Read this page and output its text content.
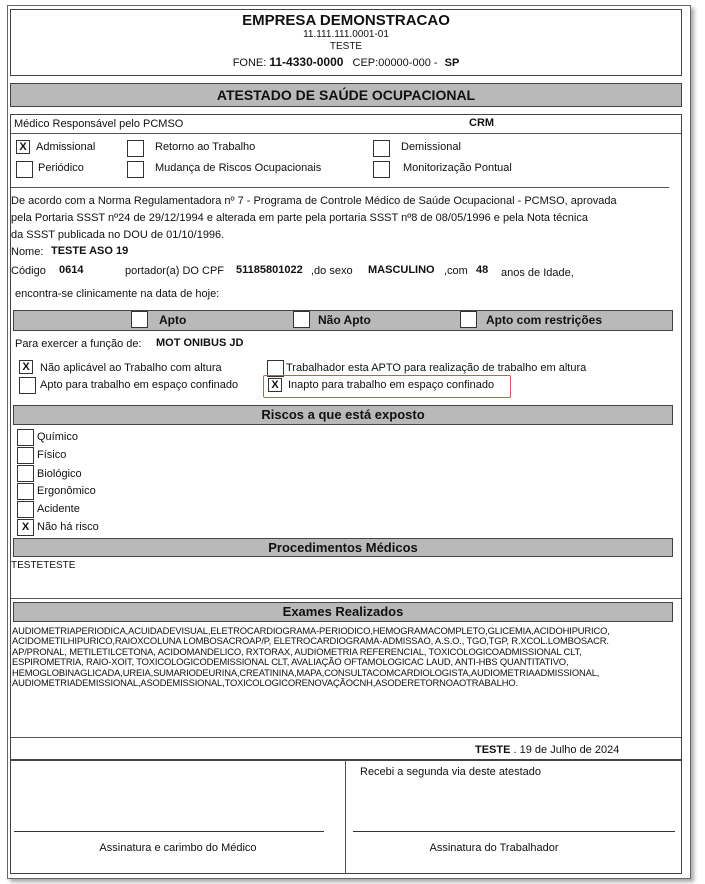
EMPRESA DEMONSTRACAO
11.111.111.0001-01
TESTE
FONE: 11-4330-0000 CEP:00000-000 - SP
ATESTADO DE SAÚDE OCUPACIONAL
Médico Responsável pelo PCMSO	CRM
X Admissional	Retorno ao Trabalho	Demissional
Periódico	Mudança de Riscos Ocupacionais	Monitorização Pontual
De acordo com a Norma Regulamentadora nº 7 - Programa de Controle Médico de Saúde Ocupacional - PCMSO, aprovada
pela Portaria SSST nº24 de 29/12/1994 e alterada em parte pela portaria SSST nº8 de 08/05/1996 e pela Nota técnica
da SSST publicada no DOU de 01/10/1996.
Nome: TESTE ASO 19
Código 0614	portador(a) DO CPF 51185801022 ,do sexo MASCULINO ,com 48 anos de Idade,
encontra-se clinicamente na data de hoje:
Apto	Não Apto	Apto com restrições
Para exercer a função de: MOT ONIBUS JD
X Não aplicável ao Trabalho com altura	Trabalhador esta APTO para realização de trabalho em altura
Apto para trabalho em espaço confinado	X Inapto para trabalho em espaço confinado
Riscos a que está exposto
Químico
Físico
Biológico
Ergonômico
Acidente
X Não há risco
Procedimentos Médicos
TESTETESTE
Exames Realizados
AUDIOMETRIAPERIODICA,ACUIDADEVISUAL,ELETROCARDIOGRAMA-PERIODICO,HEMOGRAMACOMPLETO,GLICEMIA,ACIDOHIPURICO,
ACIDOMETILHIPURICO,RAIOXCOLUNA LOMBOSACROAP/P, ELETROCARDIOGRAMA-ADMISSAO, A.S.O., TGO,TGP, R.XCOL.LOMBOSACR.
AP/PRONAL, METILETILCETONA, ACIDOMANDELICO, RXTORAX, AUDIOMETRIA REFERENCIAL, TOXICOLOGICOADMISSIONAL CLT,
ESPIROMETRIA, RAIO-XOIT, TOXICOLOGICODEMISSIONAL CLT, AVALIAÇÃO OFTAMOLOGICAC LAUD, ANTI-HBS QUANTITATIVO,
HEMOGLOBINAGLICADA,UREIA,SUMARIODEURINA,CREATININA,MAPA,CONSULTACOMCARDIOLOGISTA,AUDIOMETRIAADMISSIONAL,
AUDIOMETRIADEMISSIONAL,ASODEMISSIONAL,TOXICOLOGICORENOVAÇÃOCNH,ASODERETORNOAOTRABALHO.
TESTE . 19 de Julho de 2024
Recebi a segunda via deste atestado
Assinatura e carimbo do Médico	Assinatura do Trabalhador
